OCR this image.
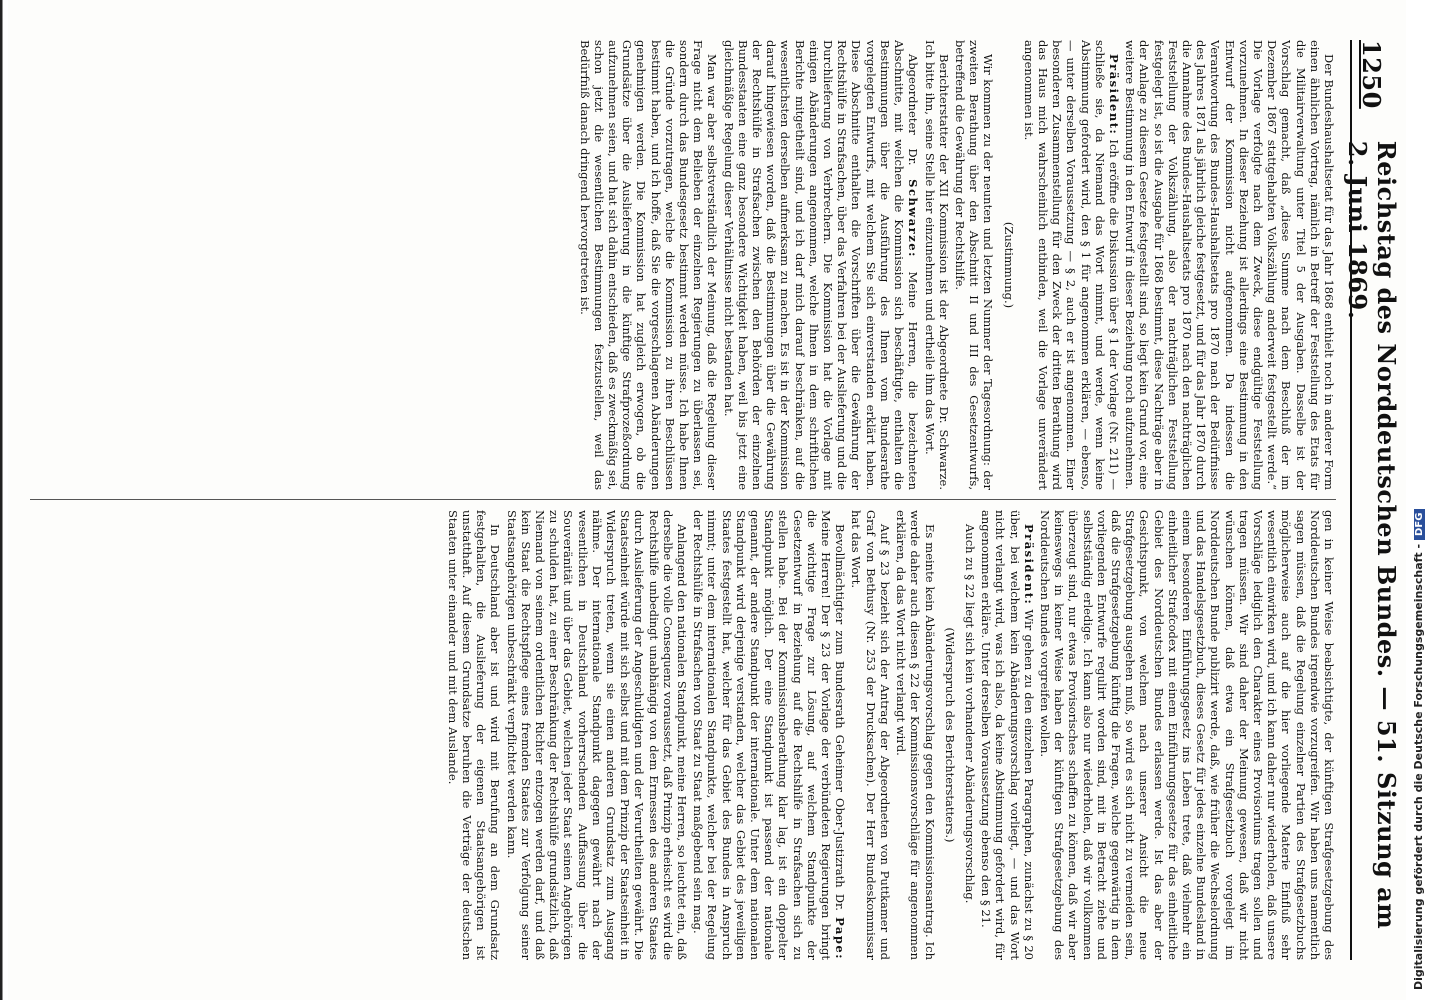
1250
Reichstag des Norddeutschen Bundes. — 51. Sitzung am 2. Juni 1869.

Der Bundeshaushaltsetat für das Jahr 1868 enthielt noch in anderer Form einen ähnlichen Vortrag, nämlich in Betreff der Feststellung des Etats für die Militairverwaltung unter Titel 5 der Ausgaben. Dasselbe ist der Vorschlag gemacht, daß „diese Summe nach dem Beschluß der im Dezember 1867 stattgehabten Volkszählung anderweit festgestellt werde.“ Die Vorlage verfolgte nach dem Zweck, diese endgültige Feststellung vorzunehmen. In dieser Beziehung ist allerdings eine Bestimmung in den Entwurf der Kommission nicht aufgenommen. Da indessen die Verantwortung des Bundes-Haushaltsetats pro 1870 nach der Bedürfnisse des Jahres 1871 als jährlich gleiche festgesetzt, und für das Jahr 1870 durch die Annahme des Bundes-Haushaltsetats pro 1870 nach den nachträglichen Feststellung der Volkszählung, also der nachträglichen Feststellung festgelegt ist, so ist die Ausgabe für 1868 bestimmt, diese Nachträge aber in der Anlage zu diesem Gesetze festgestellt sind, so liegt kein Grund vor, eine weitere Bestimmung in den Entwurf in dieser Beziehung noch aufzunehmen.

Präsident: Ich eröffne die Diskussion über § 1 der Vorlage (Nr. 211) — schließe sie, da Niemand das Wort nimmt, und werde, wenn keine Abstimmung gefordert wird, den § 1 für angenommen erklären, — ebenso, — unter derselben Voraussetzung — § 2, auch er ist angenommen. Einer besonderen Zusammenstellung für den Zweck der dritten Berathung wird das Haus mich wahrscheinlich entbinden, weil die Vorlage unverändert angenommen ist.

(Zustimmung.)

Wir kommen zu der neunten und letzten Nummer der Tagesordnung: der zweiten Berathung über den Abschnitt II und III des Gesetzentwurfs, betreffend die Gewährung der Rechtshilfe.

Berichterstatter der XII Kommission ist der Abgeordnete Dr. Schwarze. Ich bitte ihn, seine Stelle hier einzunehmen und ertheile ihm das Wort.

Abgeordneter Dr. Schwarze: Meine Herren, die bezeichneten Abschnitte, mit welchen die Kommission sich beschäftigte, enthalten die Bestimmungen über die Ausführung des Ihnen vom Bundesrathe vorgelegten Entwurfs, mit welchem Sie sich einverstanden erklärt haben. Diese Abschnitte enthalten die Vorschriften über die Gewährung der Rechtshülfe in Strafsachen, über das Verfahren bei der Auslieferung und die Durchlieferung von Verbrechern. Die Kommission hat die Vorlage mit einigen Abänderungen angenommen, welche Ihnen in dem schriftlichen Berichte mitgetheilt sind, und ich darf mich darauf beschränken, auf die wesentlichsten derselben aufmerksam zu machen. Es ist in der Kommission darauf hingewiesen worden, daß die Bestimmungen über die Gewährung der Rechtshülfe in Strafsachen zwischen den Behörden der einzelnen Bundesstaaten eine ganz besondere Wichtigkeit haben, weil bis jetzt eine gleichmäßige Regelung dieser Verhältnisse nicht bestanden hat.

Man war aber selbstverständlich der Meinung, daß die Regelung dieser Frage nicht dem Belieben der einzelnen Regierungen zu überlassen sei, sondern durch das Bundesgesetz bestimmt werden müsse. Ich habe Ihnen die Gründe vorzutragen, welche die Kommission zu ihren Beschlüssen bestimmt haben, und ich hoffe, daß Sie die vorgeschlagenen Abänderungen genehmigen werden. Die Kommission hat zugleich erwogen, ob die Grundsätze über die Auslieferung in die künftige Strafprozeßordnung aufzunehmen seien, und hat sich dahin entschieden, daß es zweckmäßig sei, schon jetzt die wesentlichen Bestimmungen festzustellen, weil das Bedürfniß danach dringend hervorgetreten ist.

gen in keiner Weise beabsichtigte, der künftigen Strafgesetzgebung des Norddeutschen Bundes irgendwie vorzugreifen. Wir haben uns namentlich sagen müssen, daß die Regelung einzelner Partien des Strafgesetzbuchs möglicherweise auch auf die hier vorliegende Materie Einfluß sehr wesentlich einwirken wird, und ich kann daher nur wiederholen, daß unsere Vorschläge lediglich den Charakter eines Provisoriums tragen sollen und tragen müssen. Wir sind daher der Meinung gewesen, daß wir nicht wünschen können, daß etwa ein Strafgesetzbuch vorgelegt im Norddeutschen Bunde publizirt werde, daß, wie früher die Wechselordnung und das Handelsgesetzbuch, dieses Gesetz für jedes einzelne Bundesland in einem besonderen Einführungsgesetz ins Leben trete, daß vielmehr ein einheitlicher Strafcodex mit einem Einführungsgesetze für das einheitliche Gebiet des Norddeutschen Bundes erlassen werde. Ist das aber der Gesichtspunkt, von welchem nach unserer Ansicht die neue Strafgesetzgebung ausgehen muß, so wird es sich nicht zu vermeiden sein, daß die Strafgesetzgebung künftig die Fragen, welche gegenwärtig in dem vorliegenden Entwurfe regulirt worden sind, mit in Betracht ziehe und selbstständig erledige. Ich kann also nur wiederholen, daß wir vollkommen überzeugt sind, nur etwas Provisorisches schaffen zu können, daß wir aber keineswegs in keiner Weise haben der künftigen Strafgesetzgebung des Norddeutschen Bundes vorgreifen wollen.

Präsident: Wir gehen zu den einzelnen Paragraphen, zunächst zu § 20 über, bei welchem kein Abänderungsvorschlag vorliegt, — und das Wort nicht verlangt wird, was ich also, da keine Abstimmung gefordert wird, für angenommen erkläre. Unter derselben Voraussetzung ebenso den § 21.

Auch zu § 22 liegt sich kein vorhandener Abänderungsvorschlag.

(Widerspruch des Berichterstatters.)

Es meinte kein Abänderungsvorschlag gegen den Kommissionsantrag. Ich werde daher auch diesen § 22 der Kommissionsvorschläge für angenommen erklären, da das Wort nicht verlangt wird.

Auf § 23 bezieht sich der Antrag der Abgeordneten von Puttkamer und Graf von Bethusy (Nr. 253 der Drucksachen). Der Herr Bundeskommissar hat das Wort.

Bevollmächtigter zum Bundesrath Geheimer Ober-Justizrath Dr. Pape: Meine Herren! Der § 23 der Vorlage der verbündeten Regierungen bringt die wichtige Frage zur Lösung, auf welchem Standpunkte der Gesetzentwurf in Beziehung auf die Rechtshilfe in Strafsachen sich zu stellen habe. Bei der Kommissionsberathung klar lag, ist ein doppelter Standpunkt möglich. Der eine Standpunkt ist passend der nationale genannt, der andere Standpunkt der internationale. Unter dem nationalen Standpunkt wird derjenige verstanden, welcher das Gebiet des jeweiligen Staates festgestellt hat, welcher für das Gebiet des Bundes in Anspruch nimmt; unter dem internationalen Standpunkte, welcher bei der Regelung der Rechtshülfe in Strafsachen von Staat zu Staat maßgebend sein mag.

Anlangend den nationalen Standpunkt, meine Herren, so leuchtet ein, daß derselbe die volle Consequenz voraussetzt, daß Prinzip erheischt es wird die Rechtshilfe unbedingt unabhängig von dem Ermessen des anderen Staates durch Auslieferung der Angeschuldigten und der Verurtheilten gewährt. Die Staatseinheit würde mit sich selbst und mit dem Prinzip der Staatseinheit in Widerspruch treten, wenn sie einen anderen Grundsatz zum Ausgang nähme. Der internationale Standpunkt dagegen gewährt nach der wesentlichen in Deutschland vorherrschenden Auffassung über die Souveränität und über das Gebiet, welchen jeder Staat seinen Angehörigen zu schulden hat, zu einer Beschränkung der Rechtshülfe grundsätzlich, daß Niemand von seinem ordentlichen Richter entzogen werden darf, und daß kein Staat die Rechtspflege eines fremden Staates zur Verfolgung seiner Staatsangehörigen unbeschränkt verpflichtet werden kann.

In Deutschland aber ist und wird mit Berufung an dem Grundsatz festgehalten, die Auslieferung der eigenen Staatsangehörigen ist unstatthaft. Auf diesem Grundsatze beruhen die Verträge der deutschen Staaten unter einander und mit dem Auslande.	Digitalisierung gefördert durch die Deutsche Forschungsgemeinschaft -DFG
